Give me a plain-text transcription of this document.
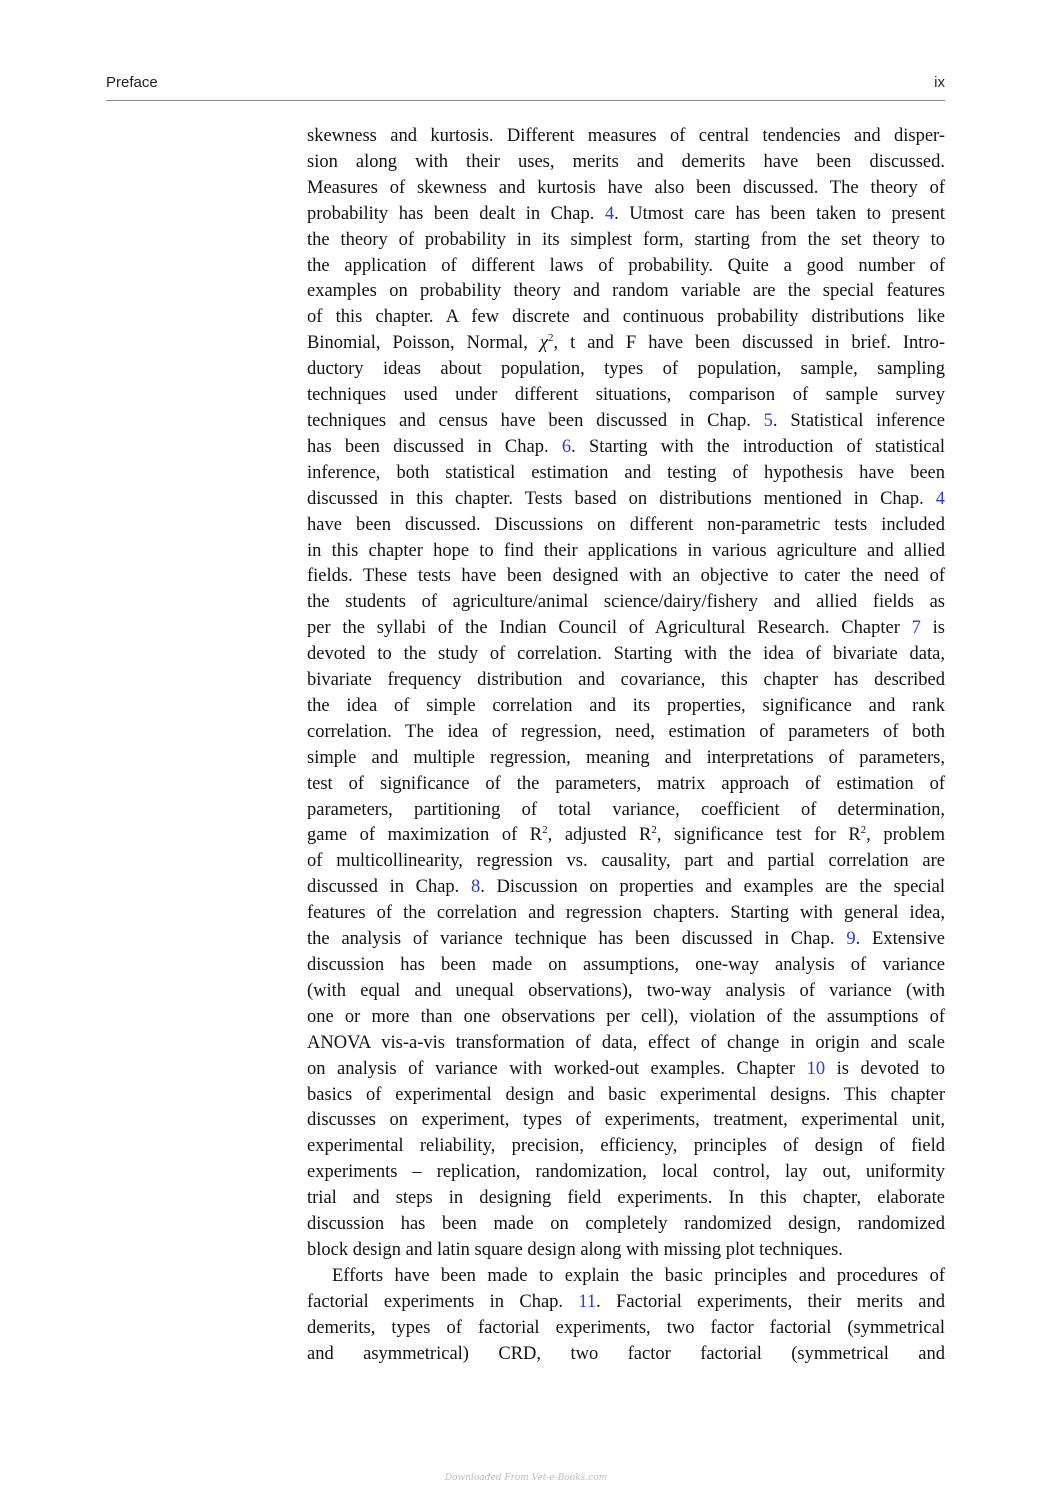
Preface	ix
skewness and kurtosis. Different measures of central tendencies and disper-
sion along with their uses, merits and demerits have been discussed.
Measures of skewness and kurtosis have also been discussed. The theory of
probability has been dealt in Chap. 4. Utmost care has been taken to present
the theory of probability in its simplest form, starting from the set theory to
the application of different laws of probability. Quite a good number of
examples on probability theory and random variable are the special features
of this chapter. A few discrete and continuous probability distributions like
Binomial, Poisson, Normal, $\chi^2$, t and F have been discussed in brief. Intro-
ductory ideas about population, types of population, sample, sampling
techniques used under different situations, comparison of sample survey
techniques and census have been discussed in Chap. 5. Statistical inference
has been discussed in Chap. 6. Starting with the introduction of statistical
inference, both statistical estimation and testing of hypothesis have been
discussed in this chapter. Tests based on distributions mentioned in Chap. 4
have been discussed. Discussions on different non-parametric tests included
in this chapter hope to find their applications in various agriculture and allied
fields. These tests have been designed with an objective to cater the need of
the students of agriculture/animal science/dairy/fishery and allied fields as
per the syllabi of the Indian Council of Agricultural Research. Chapter 7 is
devoted to the study of correlation. Starting with the idea of bivariate data,
bivariate frequency distribution and covariance, this chapter has described
the idea of simple correlation and its properties, significance and rank
correlation. The idea of regression, need, estimation of parameters of both
simple and multiple regression, meaning and interpretations of parameters,
test of significance of the parameters, matrix approach of estimation of
parameters, partitioning of total variance, coefficient of determination,
game of maximization of $R^2$, adjusted $R^2$, significance test for $R^2$, problem
of multicollinearity, regression vs. causality, part and partial correlation are
discussed in Chap. 8. Discussion on properties and examples are the special
features of the correlation and regression chapters. Starting with general idea,
the analysis of variance technique has been discussed in Chap. 9. Extensive
discussion has been made on assumptions, one-way analysis of variance
(with equal and unequal observations), two-way analysis of variance (with
one or more than one observations per cell), violation of the assumptions of
ANOVA vis-a-vis transformation of data, effect of change in origin and scale
on analysis of variance with worked-out examples. Chapter 10 is devoted to
basics of experimental design and basic experimental designs. This chapter
discusses on experiment, types of experiments, treatment, experimental unit,
experimental reliability, precision, efficiency, principles of design of field
experiments – replication, randomization, local control, lay out, uniformity
trial and steps in designing field experiments. In this chapter, elaborate
discussion has been made on completely randomized design, randomized
block design and latin square design along with missing plot techniques.
Efforts have been made to explain the basic principles and procedures of
factorial experiments in Chap. 11. Factorial experiments, their merits and
demerits, types of factorial experiments, two factor factorial (symmetrical
and asymmetrical) CRD, two factor factorial (symmetrical and
Downloaded From Vet-e-Books.com
